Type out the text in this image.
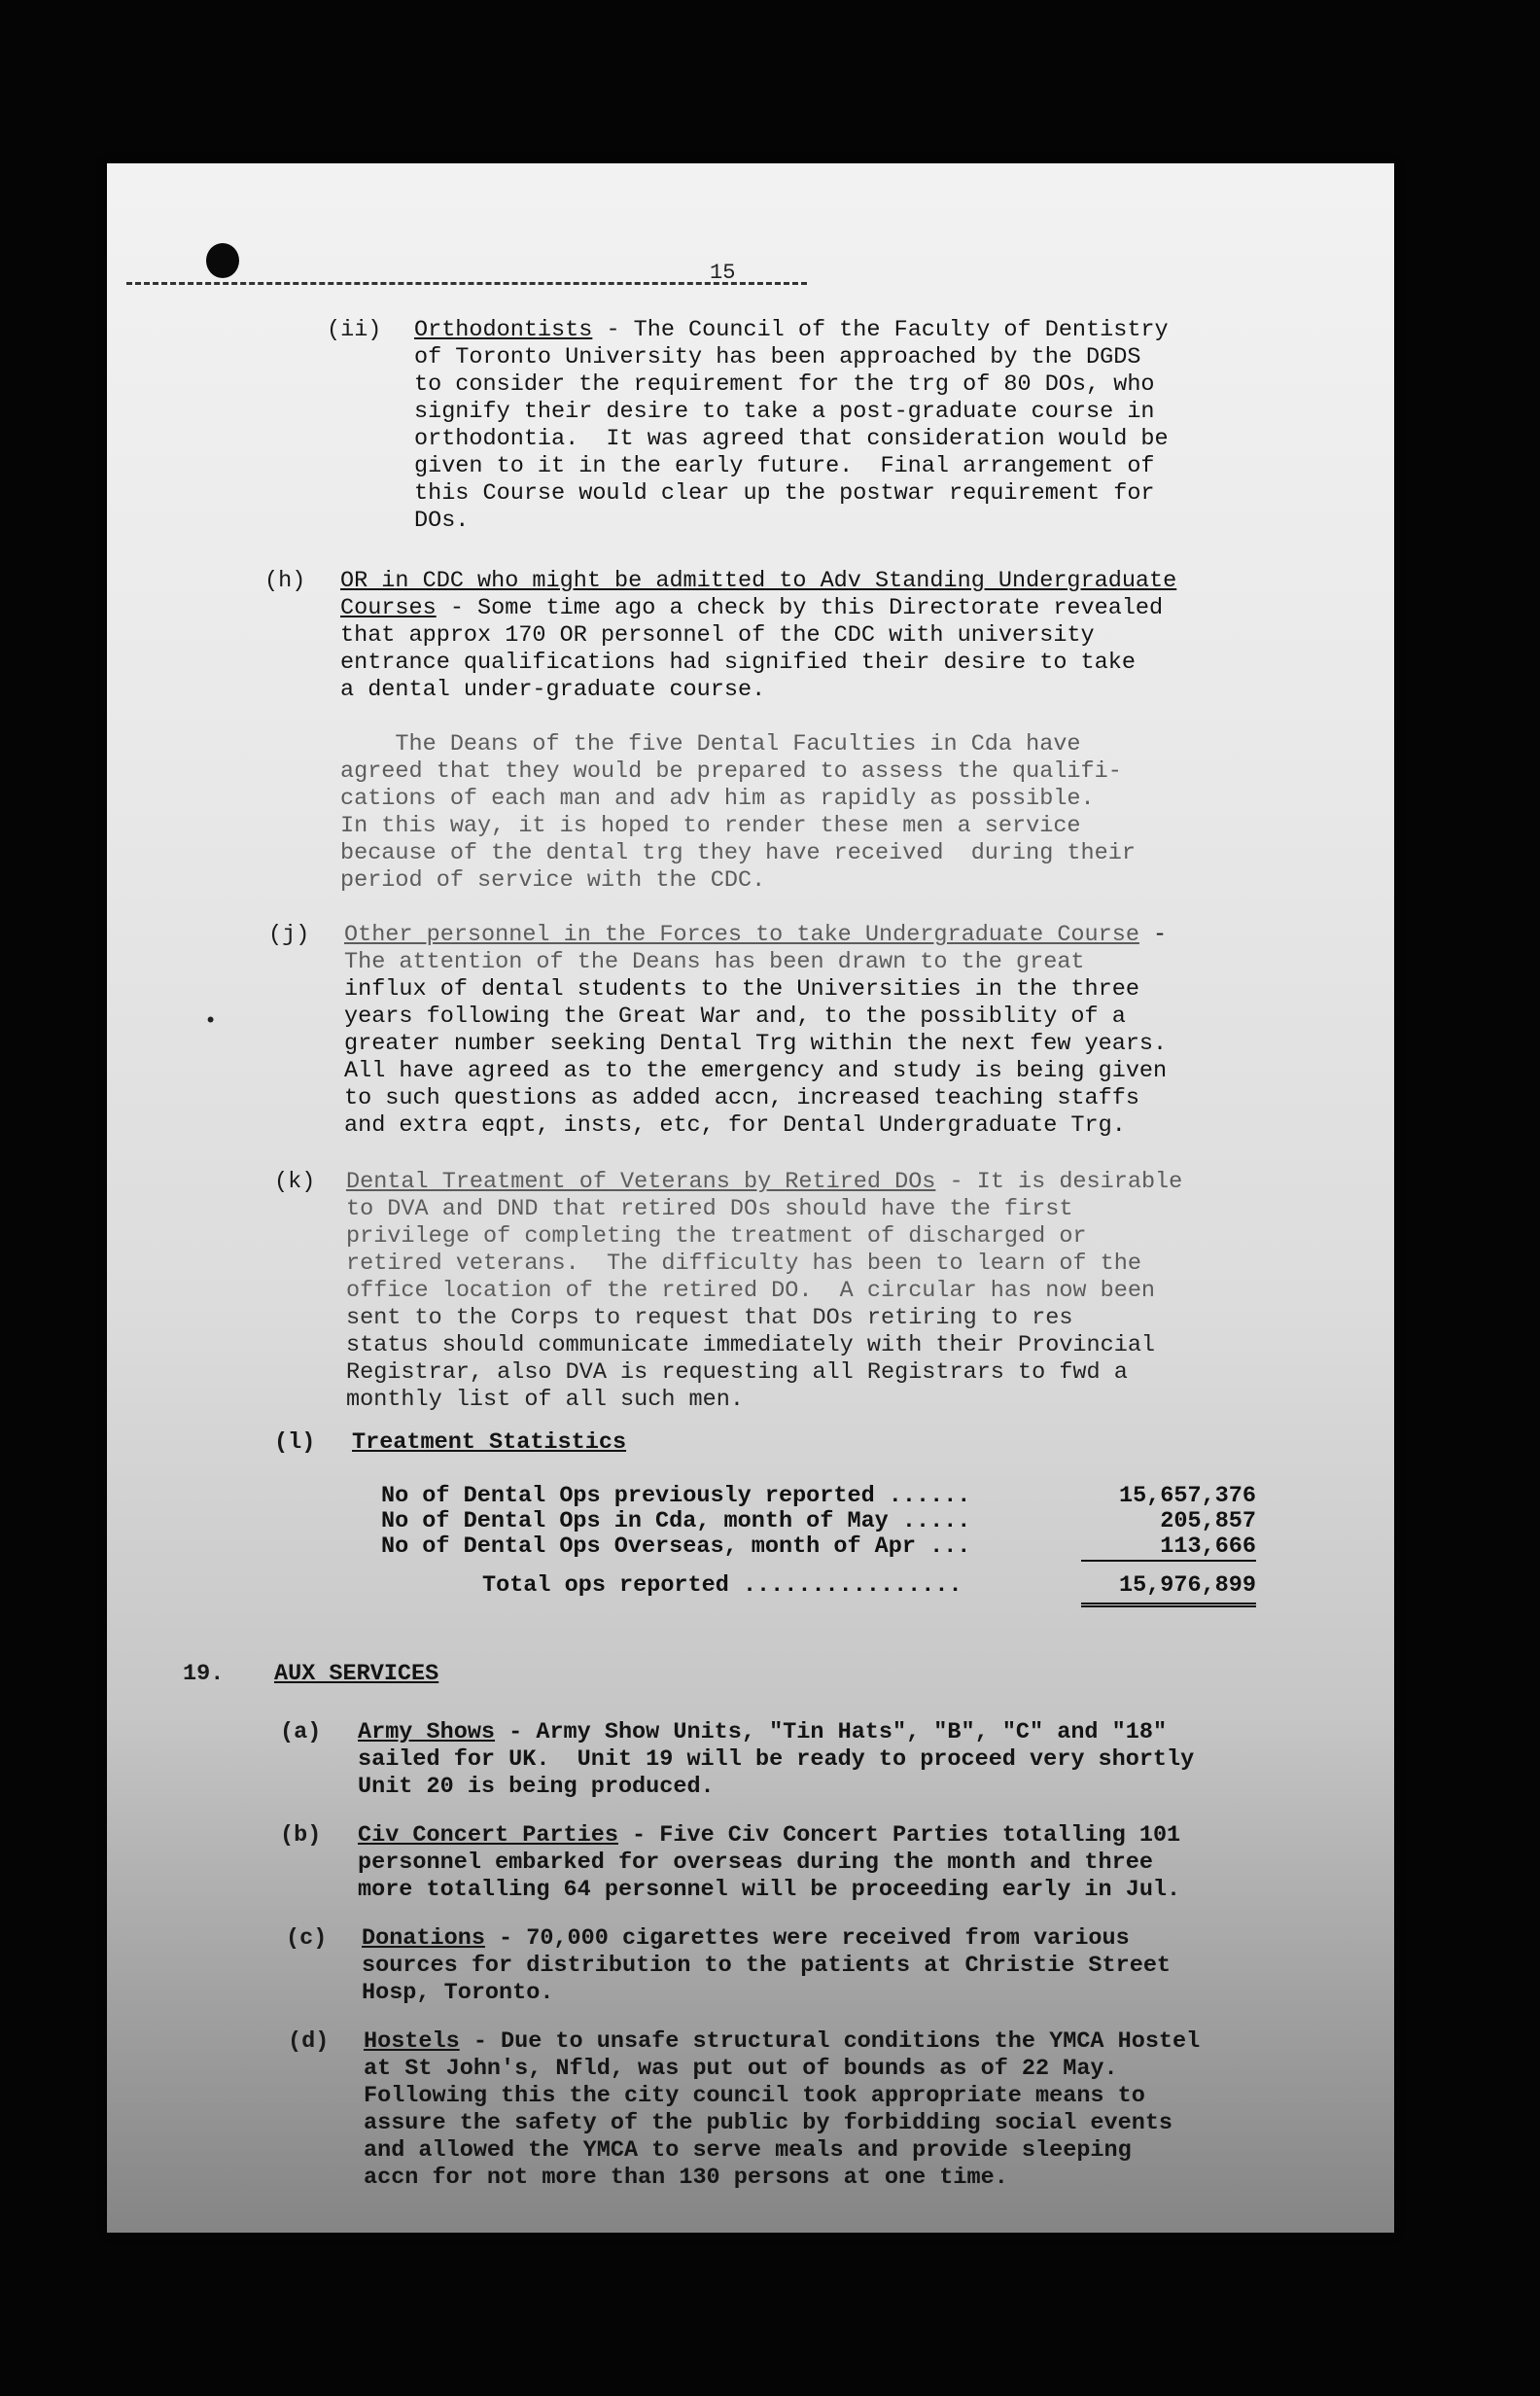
15
(ii) Orthodontists - The Council of the Faculty of Dentistry
of Toronto University has been approached by the DGDS
to consider the requirement for the trg of 80 DOs, who
signify their desire to take a post-graduate course in
orthodontia.  It was agreed that consideration would be
given to it in the early future.  Final arrangement of
this Course would clear up the postwar requirement for
DOs.
(h) OR in CDC who might be admitted to Adv Standing Undergraduate
Courses - Some time ago a check by this Directorate revealed
that approx 170 OR personnel of the CDC with university
entrance qualifications had signified their desire to take
a dental under-graduate course.
The Deans of the five Dental Faculties in Cda have
agreed that they would be prepared to assess the qualifi-
cations of each man and adv him as rapidly as possible.
In this way, it is hoped to render these men a service
because of the dental trg they have received  during their
period of service with the CDC.
(j) Other personnel in the Forces to take Undergraduate Course -
The attention of the Deans has been drawn to the great
influx of dental students to the Universities in the three
years following the Great War and, to the possiblity of a
greater number seeking Dental Trg within the next few years.
All have agreed as to the emergency and study is being given
to such questions as added accn, increased teaching staffs
and extra eqpt, insts, etc, for Dental Undergraduate Trg.
•
(k) Dental Treatment of Veterans by Retired DOs - It is desirable
to DVA and DND that retired DOs should have the first
privilege of completing the treatment of discharged or
retired veterans.  The difficulty has been to learn of the
office location of the retired DO.  A circular has now been
sent to the Corps to request that DOs retiring to res
status should communicate immediately with their Provincial
Registrar, also DVA is requesting all Registrars to fwd a
monthly list of all such men.
(l) Treatment Statistics
No of Dental Ops previously reported ......	15,657,376
No of Dental Ops in Cda, month of May .....	205,857
No of Dental Ops Overseas, month of Apr ...	113,666
Total ops reported ................	15,976,899
19. AUX SERVICES
(a) Army Shows - Army Show Units, "Tin Hats", "B", "C" and "18"
sailed for UK.  Unit 19 will be ready to proceed very shortly
Unit 20 is being produced.
(b) Civ Concert Parties - Five Civ Concert Parties totalling 101
personnel embarked for overseas during the month and three
more totalling 64 personnel will be proceeding early in Jul.
(c) Donations - 70,000 cigarettes were received from various
sources for distribution to the patients at Christie Street
Hosp, Toronto.
(d) Hostels - Due to unsafe structural conditions the YMCA Hostel
at St John's, Nfld, was put out of bounds as of 22 May.
Following this the city council took appropriate means to
assure the safety of the public by forbidding social events
and allowed the YMCA to serve meals and provide sleeping
accn for not more than 130 persons at one time.
